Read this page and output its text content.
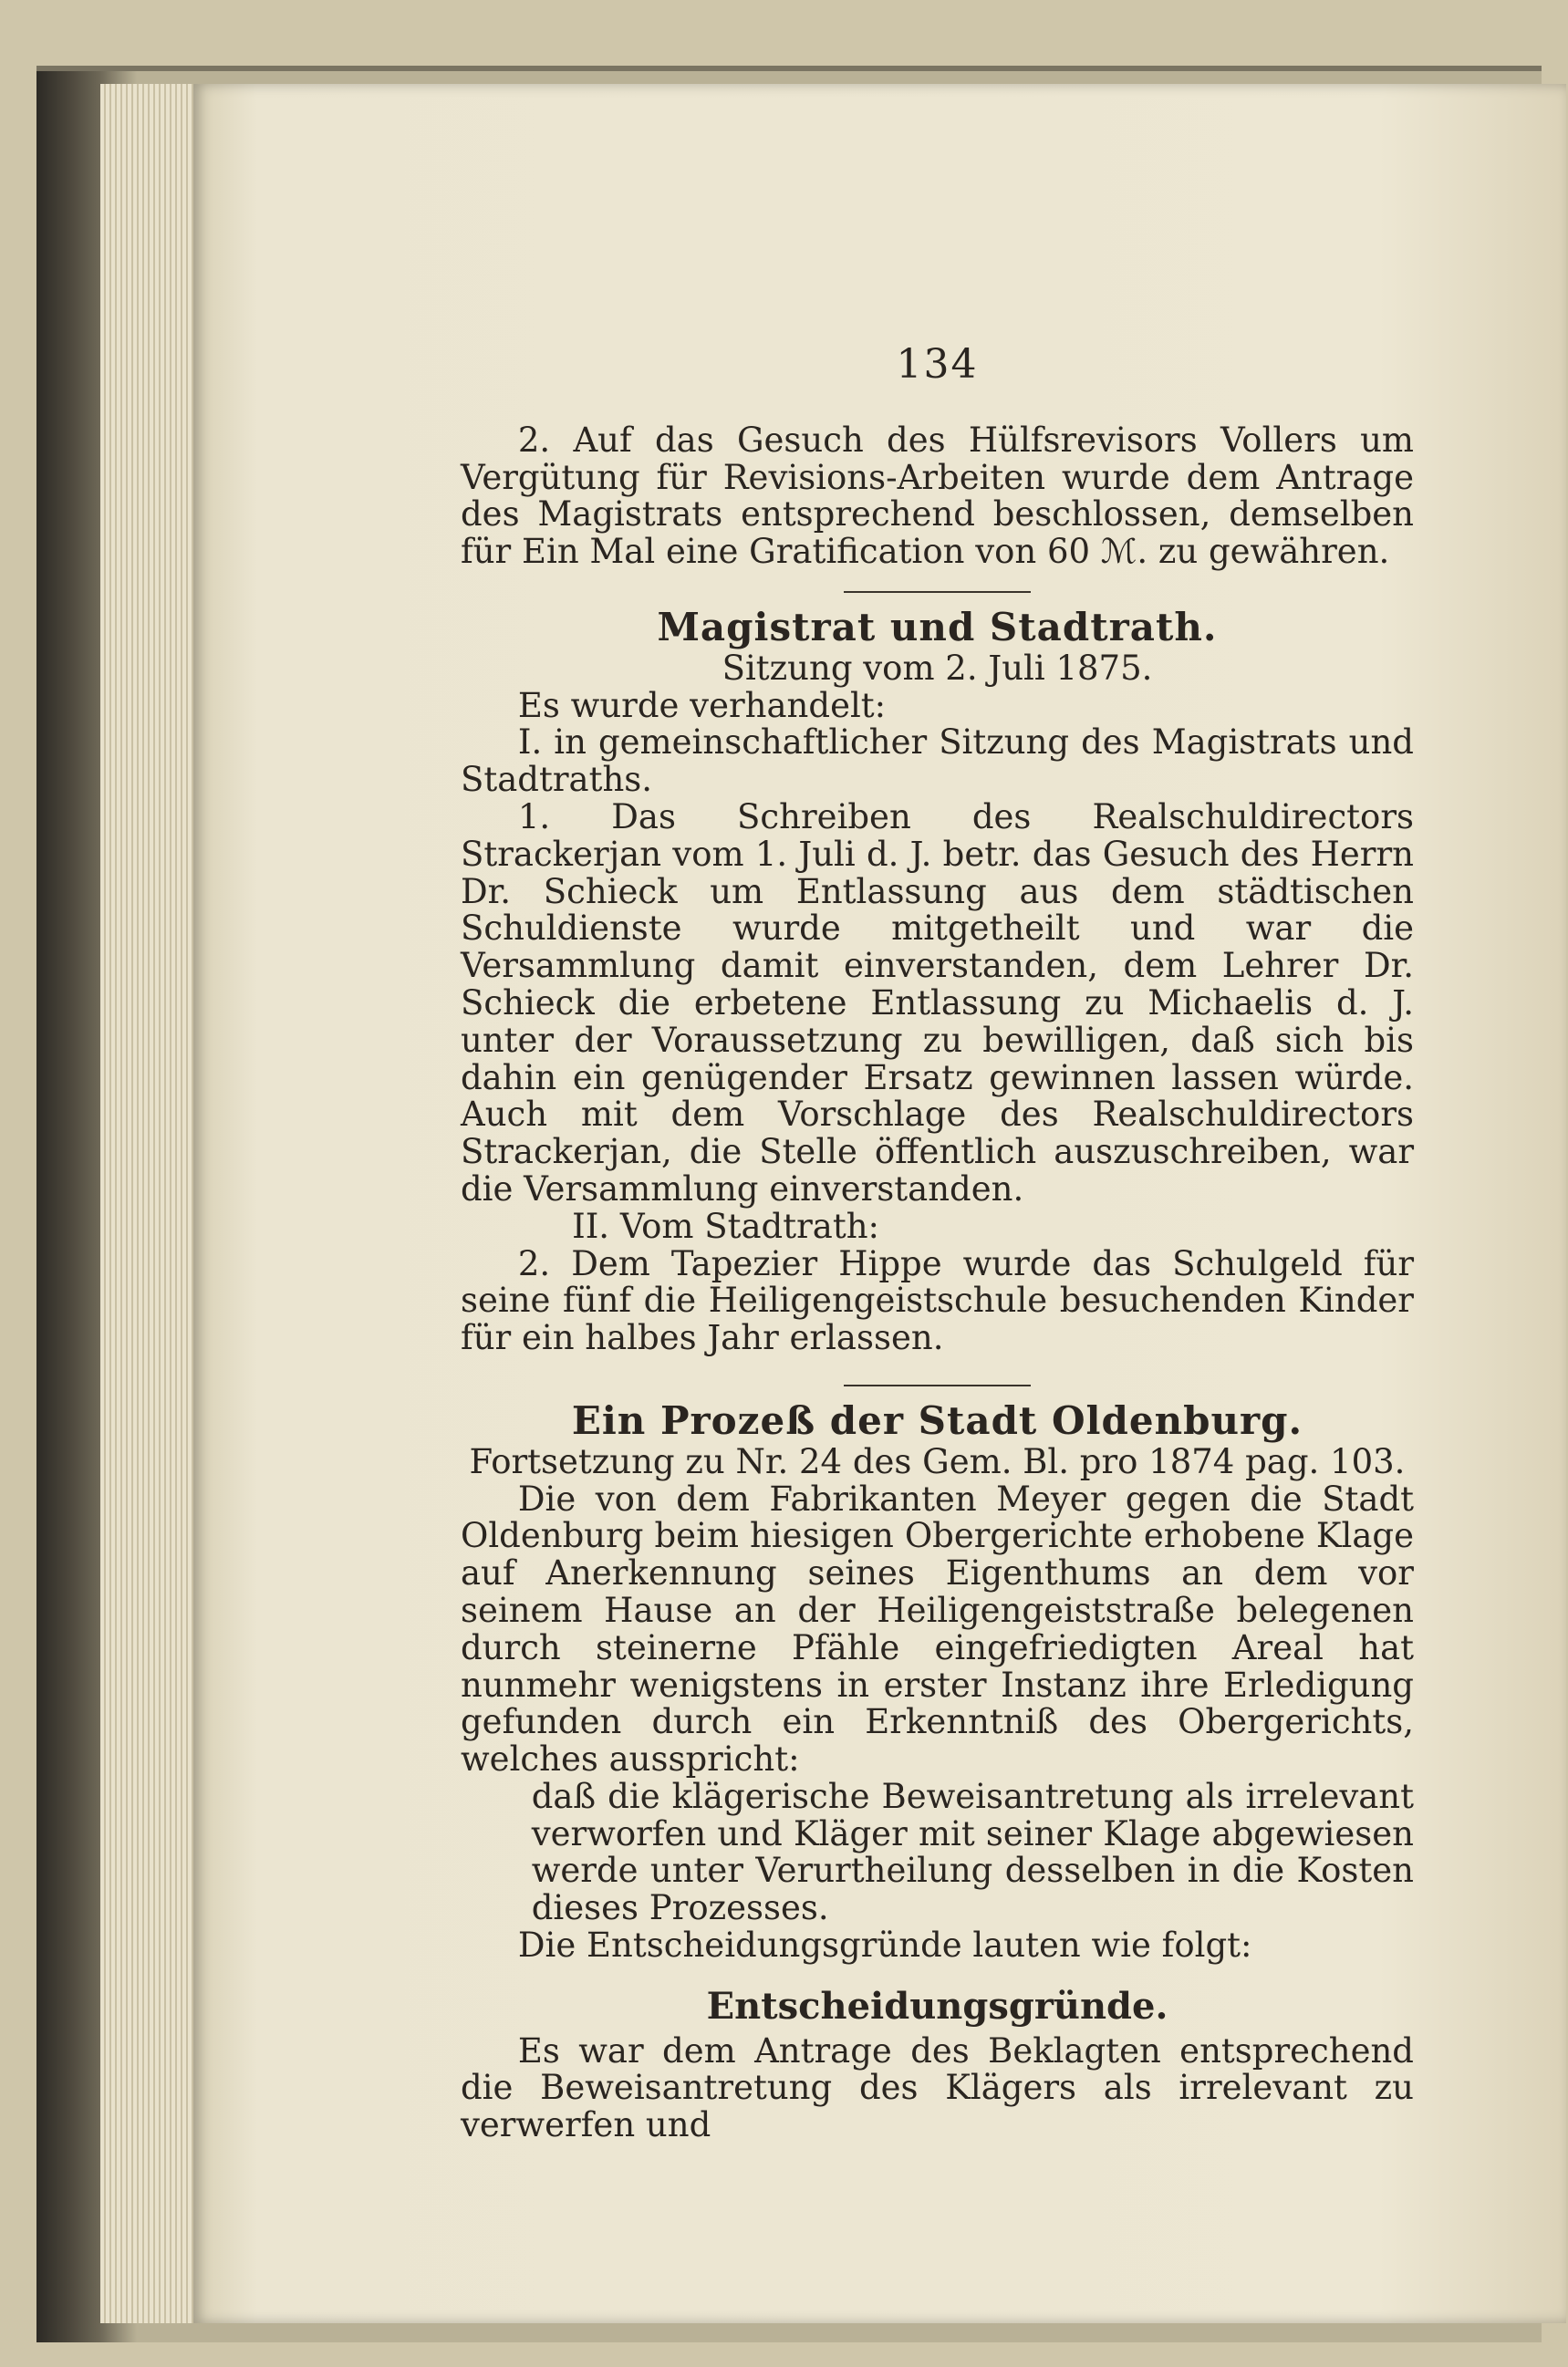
134

2. Auf das Gesuch des Hülfsrevisors Vollers um Vergütung für Revisions-Arbeiten wurde dem Antrage des Magistrats entsprechend beschlossen, demselben für Ein Mal eine Gratification von 60 ℳ. zu gewähren.

Magistrat und Stadtrath.

Sitzung vom 2. Juli 1875.

Es wurde verhandelt:

I. in gemeinschaftlicher Sitzung des Magistrats und Stadtraths.

1. Das Schreiben des Realschuldirectors Strackerjan vom 1. Juli d. J. betr. das Gesuch des Herrn Dr. Schieck um Entlassung aus dem städtischen Schuldienste wurde mitgetheilt und war die Versammlung damit einverstanden, dem Lehrer Dr. Schieck die erbetene Entlassung zu Michaelis d. J. unter der Voraussetzung zu bewilligen, daß sich bis dahin ein genügender Ersatz gewinnen lassen würde. Auch mit dem Vorschlage des Realschuldirectors Strackerjan, die Stelle öffentlich auszuschreiben, war die Versammlung einverstanden.

II. Vom Stadtrath:

2. Dem Tapezier Hippe wurde das Schulgeld für seine fünf die Heiligengeistschule besuchenden Kinder für ein halbes Jahr erlassen.

Ein Prozeß der Stadt Oldenburg.

Fortsetzung zu Nr. 24 des Gem. Bl. pro 1874 pag. 103.

Die von dem Fabrikanten Meyer gegen die Stadt Oldenburg beim hiesigen Obergerichte erhobene Klage auf Anerkennung seines Eigenthums an dem vor seinem Hause an der Heiligengeiststraße belegenen durch steinerne Pfähle eingefriedigten Areal hat nunmehr wenigstens in erster Instanz ihre Erledigung gefunden durch ein Erkenntniß des Obergerichts, welches ausspricht:

daß die klägerische Beweisantretung als irrelevant verworfen und Kläger mit seiner Klage abgewiesen werde unter Verurtheilung desselben in die Kosten dieses Prozesses.

Die Entscheidungsgründe lauten wie folgt:

Entscheidungsgründe.

Es war dem Antrage des Beklagten entsprechend die Beweisantretung des Klägers als irrelevant zu verwerfen und
